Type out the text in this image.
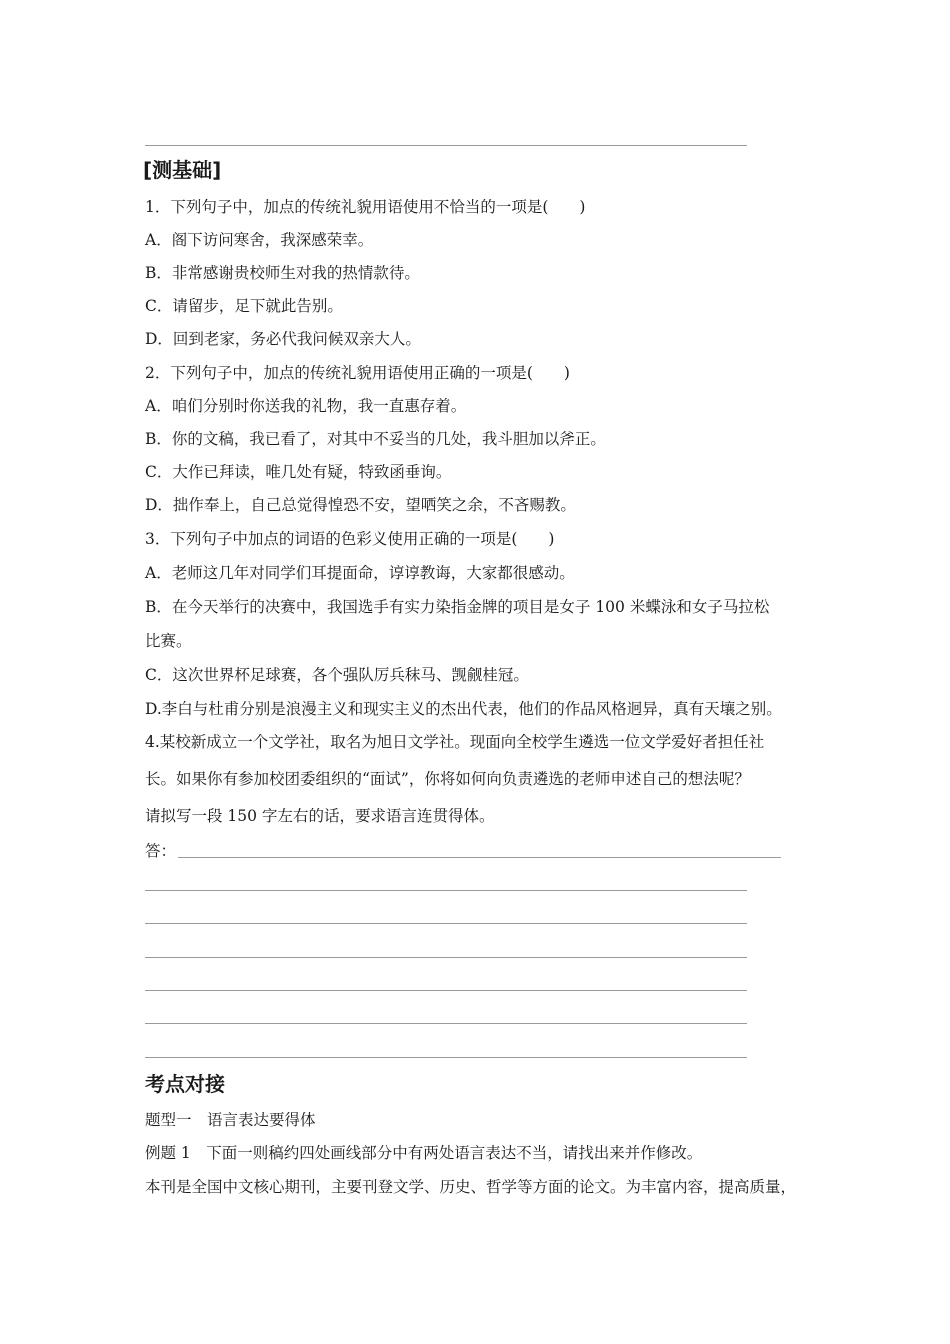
[测基础]
1．下列句子中，加点的传统礼貌用语使用不恰当的一项是(　　)
A．阁下访问寒舍，我深感荣幸。
B．非常感谢贵校师生对我的热情款待。
C．请留步，足下就此告别。
D．回到老家，务必代我问候双亲大人。
2．下列句子中，加点的传统礼貌用语使用正确的一项是(　　)
A．咱们分别时你送我的礼物，我一直惠存着。
B．你的文稿，我已看了，对其中不妥当的几处，我斗胆加以斧正。
C．大作已拜读，唯几处有疑，特致函垂询。
D．拙作奉上，自己总觉得惶恐不安，望哂笑之余，不吝赐教。
3．下列句子中加点的词语的色彩义使用正确的一项是(　　)
A．老师这几年对同学们耳提面命，谆谆教诲，大家都很感动。
B．在今天举行的决赛中，我国选手有实力染指金牌的项目是女子 100 米蝶泳和女子马拉松
比赛。
C．这次世界杯足球赛，各个强队厉兵秣马、觊觎桂冠。
D.李白与杜甫分别是浪漫主义和现实主义的杰出代表，他们的作品风格迥异，真有天壤之别。
4.某校新成立一个文学社，取名为旭日文学社。现面向全校学生遴选一位文学爱好者担任社
长。如果你有参加校团委组织的“面试”，你将如何向负责遴选的老师申述自己的想法呢？
请拟写一段 150 字左右的话，要求语言连贯得体。
答：
考点对接
题型一　语言表达要得体
例题 1　下面一则稿约四处画线部分中有两处语言表达不当，请找出来并作修改。
本刊是全国中文核心期刊，主要刊登文学、历史、哲学等方面的论文。为丰富内容，提高质量，
